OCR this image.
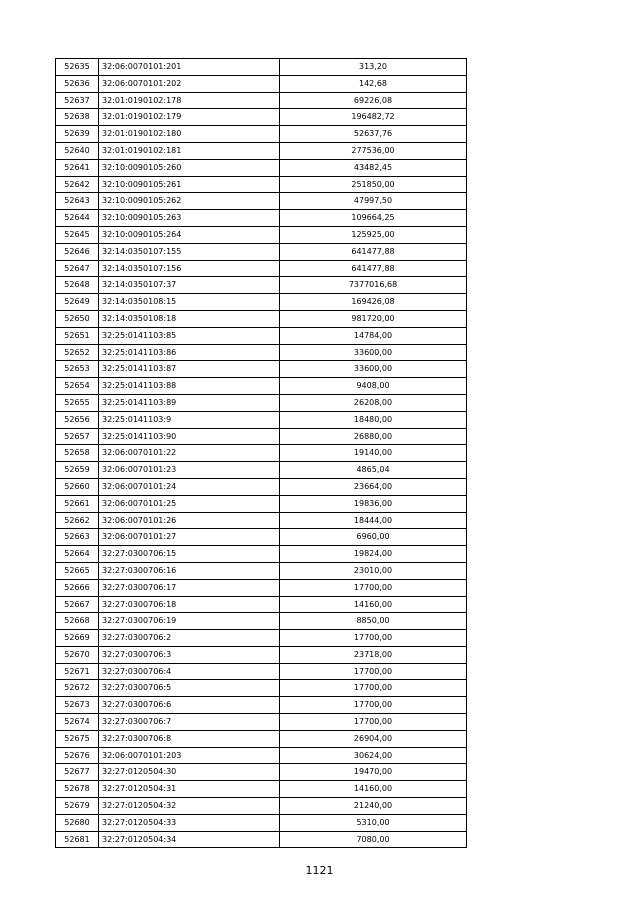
52635	32:06:0070101:201	313,20
52636	32:06:0070101:202	142,68
52637	32:01:0190102:178	69226,08
52638	32:01:0190102:179	196482,72
52639	32:01:0190102:180	52637,76
52640	32:01:0190102:181	277536,00
52641	32:10:0090105:260	43482,45
52642	32:10:0090105:261	251850,00
52643	32:10:0090105:262	47997,50
52644	32:10:0090105:263	109664,25
52645	32:10:0090105:264	125925,00
52646	32:14:0350107:155	641477,88
52647	32:14:0350107:156	641477,88
52648	32:14:0350107:37	7377016,68
52649	32:14:0350108:15	169426,08
52650	32:14:0350108:18	981720,00
52651	32:25:0141103:85	14784,00
52652	32:25:0141103:86	33600,00
52653	32:25:0141103:87	33600,00
52654	32:25:0141103:88	9408,00
52655	32:25:0141103:89	26208,00
52656	32:25:0141103:9	18480,00
52657	32:25:0141103:90	26880,00
52658	32:06:0070101:22	19140,00
52659	32:06:0070101:23	4865,04
52660	32:06:0070101:24	23664,00
52661	32:06:0070101:25	19836,00
52662	32:06:0070101:26	18444,00
52663	32:06:0070101:27	6960,00
52664	32:27:0300706:15	19824,00
52665	32:27:0300706:16	23010,00
52666	32:27:0300706:17	17700,00
52667	32:27:0300706:18	14160,00
52668	32:27:0300706:19	8850,00
52669	32:27:0300706:2	17700,00
52670	32:27:0300706:3	23718,00
52671	32:27:0300706:4	17700,00
52672	32:27:0300706:5	17700,00
52673	32:27:0300706:6	17700,00
52674	32:27:0300706:7	17700,00
52675	32:27:0300706:8	26904,00
52676	32:06:0070101:203	30624,00
52677	32:27:0120504:30	19470,00
52678	32:27:0120504:31	14160,00
52679	32:27:0120504:32	21240,00
52680	32:27:0120504:33	5310,00
52681	32:27:0120504:34	7080,00
1121
